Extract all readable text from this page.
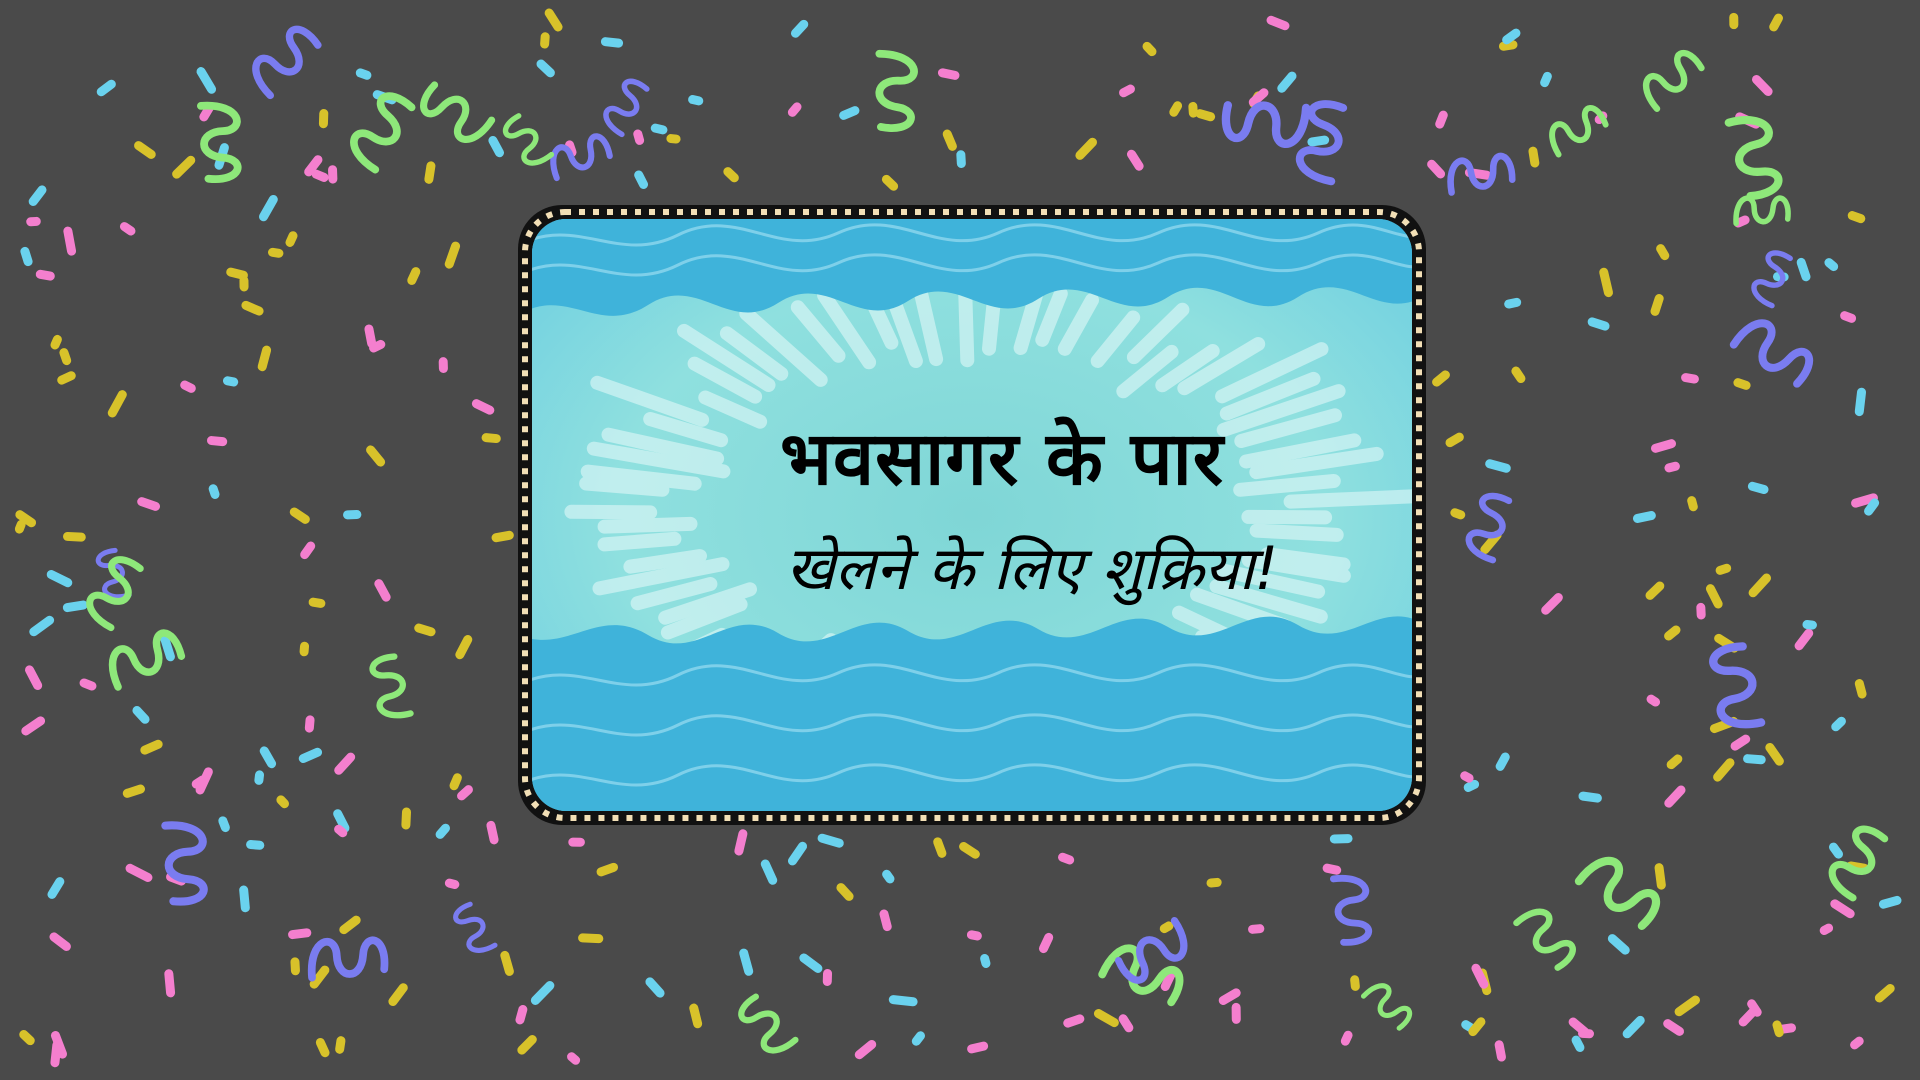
भवसागर के पार
खेलने के लिए शुक्रिया!
